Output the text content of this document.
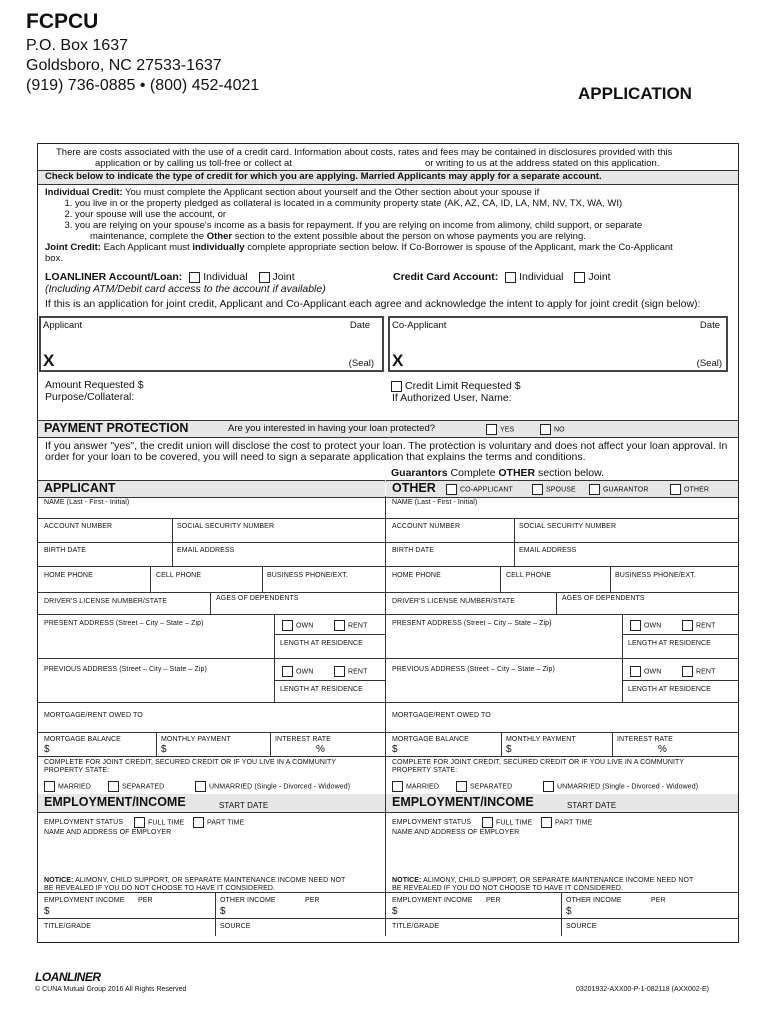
FCPCU
P.O. Box 1637
Goldsboro, NC 27533-1637
(919) 736-0885 • (800) 452-4021	APPLICATION
There are costs associated with the use of a credit card. Information about costs, rates and fees may be contained in disclosures provided with this
application or by calling us toll-free or collect at	or writing to us at the address stated on this application.
Check below to indicate the type of credit for which you are applying. Married Applicants may apply for a separate account.
Individual Credit: You must complete the Applicant section about yourself and the Other section about your spouse if
1. you live in or the property pledged as collateral is located in a community property state (AK, AZ, CA, ID, LA, NM, NV, TX, WA, WI)
2. your spouse will use the account, or
3. you are relying on your spouse's income as a basis for repayment. If you are relying on income from alimony, child support, or separate
maintenance, complete the Other section to the extent possible about the person on whose payments you are relying.
Joint Credit: Each Applicant must individually complete appropriate section below. If Co-Borrower is spouse of the Applicant, mark the Co-Applicant
box.
LOANLINER Account/Loan: Individual Joint
(Including ATM/Debit card access to the account if available)
Credit Card Account: Individual Joint
If this is an application for joint credit, Applicant and Co-Applicant each agree and acknowledge the intent to apply for joint credit (sign below):
Applicant	Date
X	(Seal)
Co-Applicant	Date
X	(Seal)
Amount Requested $
Purpose/Collateral:
Credit Limit Requested $
If Authorized User, Name:
PAYMENT PROTECTION	Are you interested in having your loan protected?	YES	NO
If you answer "yes", the credit union will disclose the cost to protect your loan. The protection is voluntary and does not affect your loan approval. In
order for your loan to be covered, you will need to sign a separate application that explains the terms and conditions.
Guarantors Complete OTHER section below.
APPLICANT	OTHER	CO-APPLICANT	SPOUSE	GUARANTOR	OTHER
NAME (Last - First - Initial)
ACCOUNT NUMBER	SOCIAL SECURITY NUMBER
BIRTH DATE	EMAIL ADDRESS
HOME PHONE	CELL PHONE	BUSINESS PHONE/EXT.
DRIVER'S LICENSE NUMBER/STATE	AGES OF DEPENDENTS
PRESENT ADDRESS (Street – City – State – Zip)	OWN	RENT
LENGTH AT RESIDENCE
PREVIOUS ADDRESS (Street – City – State – Zip)	OWN	RENT
LENGTH AT RESIDENCE
MORTGAGE/RENT OWED TO
MORTGAGE BALANCE	MONTHLY PAYMENT	INTEREST RATE
$	$	%
COMPLETE FOR JOINT CREDIT, SECURED CREDIT OR IF YOU LIVE IN A COMMUNITY
PROPERTY STATE:
MARRIED	SEPARATED	UNMARRIED (Single - Divorced - Widowed)
EMPLOYMENT/INCOME	START DATE
EMPLOYMENT STATUS	FULL TIME	PART TIME
NAME AND ADDRESS OF EMPLOYER
NOTICE: ALIMONY, CHILD SUPPORT, OR SEPARATE MAINTENANCE INCOME NEED NOT
BE REVEALED IF YOU DO NOT CHOOSE TO HAVE IT CONSIDERED.
EMPLOYMENT INCOME PER	OTHER INCOME	PER
$	$
TITLE/GRADE	SOURCE
NAME (Last - First - Initial)
ACCOUNT NUMBER	SOCIAL SECURITY NUMBER
BIRTH DATE	EMAIL ADDRESS
HOME PHONE	CELL PHONE	BUSINESS PHONE/EXT.
DRIVER'S LICENSE NUMBER/STATE	AGES OF DEPENDENTS
PRESENT ADDRESS (Street – City – State – Zip)	OWN	RENT
LENGTH AT RESIDENCE
PREVIOUS ADDRESS (Street – City – State – Zip)	OWN	RENT
LENGTH AT RESIDENCE
MORTGAGE/RENT OWED TO
MORTGAGE BALANCE	MONTHLY PAYMENT	INTEREST RATE
$	$	%
COMPLETE FOR JOINT CREDIT, SECURED CREDIT OR IF YOU LIVE IN A COMMUNITY
PROPERTY STATE:
MARRIED	SEPARATED	UNMARRIED (Single - Divorced - Widowed)
EMPLOYMENT/INCOME	START DATE
EMPLOYMENT STATUS	FULL TIME	PART TIME
NAME AND ADDRESS OF EMPLOYER
NOTICE: ALIMONY, CHILD SUPPORT, OR SEPARATE MAINTENANCE INCOME NEED NOT
BE REVEALED IF YOU DO NOT CHOOSE TO HAVE IT CONSIDERED.
EMPLOYMENT INCOME PER	OTHER INCOME	PER
$	$
TITLE/GRADE	SOURCE
LOANLINER
© CUNA Mutual Group 2016 All Rights Reserved	03201932-AXX00-P-1-082118 (AXX002-E)
